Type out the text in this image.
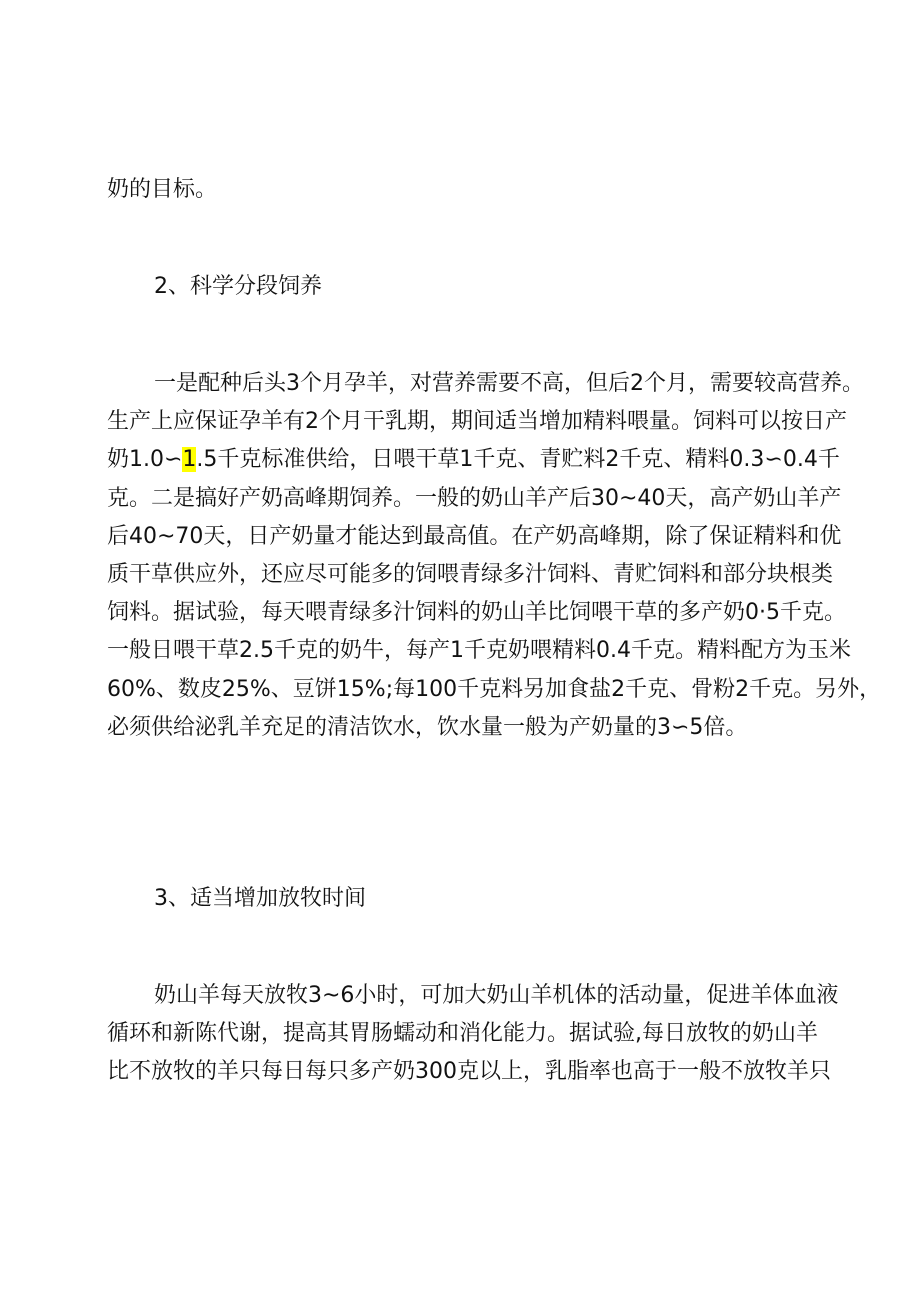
奶的目标。

2、科学分段饲养

一是配种后头3个月孕羊，对营养需要不高，但后2个月，需要较高营养。
生产上应保证孕羊有2个月干乳期，期间适当增加精料喂量。饲料可以按日产
奶1.0∽1.5千克标准供给，日喂干草1千克、青贮料2千克、精料0.3∽0.4千
克。二是搞好产奶高峰期饲养。一般的奶山羊产后30~40天，高产奶山羊产
后40~70天，日产奶量才能达到最高值。在产奶高峰期，除了保证精料和优
质干草供应外，还应尽可能多的饲喂青绿多汁饲料、青贮饲料和部分块根类
饲料。据试验，每天喂青绿多汁饲料的奶山羊比饲喂干草的多产奶0·5千克。
一般日喂干草2.5千克的奶牛，每产1千克奶喂精料0.4千克。精料配方为玉米
60%、数皮25%、豆饼15%;每100千克料另加食盐2千克、骨粉2千克。另外，
必须供给泌乳羊充足的清洁饮水，饮水量一般为产奶量的3∽5倍。

3、适当增加放牧时间

奶山羊每天放牧3~6小时，可加大奶山羊机体的活动量，促进羊体血液
循环和新陈代谢，提高其胃肠蠕动和消化能力。据试验,每日放牧的奶山羊
比不放牧的羊只每日每只多产奶300克以上，乳脂率也高于一般不放牧羊只
